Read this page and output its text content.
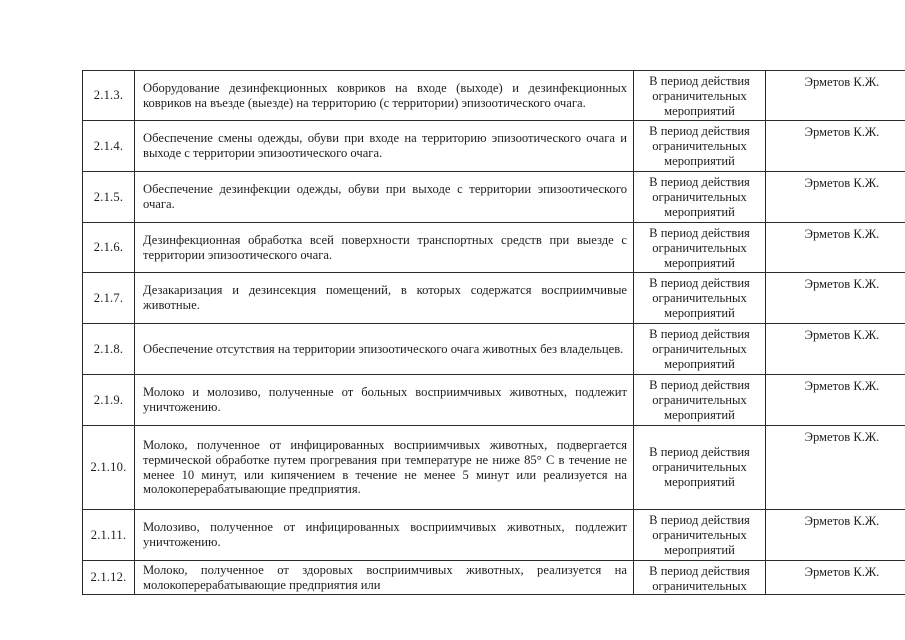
2.1.3.	Оборудование дезинфекционных ковриков на входе (выходе) и дезинфекционных ковриков на въезде (выезде) на территорию (с территории) эпизоотического очага.	В период действия ограничительных мероприятий	Эрметов К.Ж.
2.1.4.	Обеспечение смены одежды, обуви при входе на территорию эпизоотического очага и выходе с территории эпизоотического очага.	В период действия ограничительных мероприятий	Эрметов К.Ж.
2.1.5.	Обеспечение дезинфекции одежды, обуви при выходе с территории эпизоотического очага.	В период действия ограничительных мероприятий	Эрметов К.Ж.
2.1.6.	Дезинфекционная обработка всей поверхности транспортных средств при выезде с территории эпизоотического очага.	В период действия ограничительных мероприятий	Эрметов К.Ж.
2.1.7.	Дезакаризация и дезинсекция помещений, в которых содержатся восприимчивые животные.	В период действия ограничительных мероприятий	Эрметов К.Ж.
2.1.8.	Обеспечение отсутствия на территории эпизоотического очага животных без владельцев.	В период действия ограничительных мероприятий	Эрметов К.Ж.
2.1.9.	Молоко и молозиво, полученные от больных восприимчивых животных, подлежит уничтожению.	В период действия ограничительных мероприятий	Эрметов К.Ж.
2.1.10.	Молоко, полученное от инфицированных восприимчивых животных, подвергается термической обработке путем прогревания при температуре не ниже 85° С в течение не менее 10 минут, или кипячением в течение не менее 5 минут или реализуется на молокоперерабатывающие предприятия.	В период действия ограничительных мероприятий	Эрметов К.Ж.
2.1.11.	Молозиво, полученное от инфицированных восприимчивых животных, подлежит уничтожению.	В период действия ограничительных мероприятий	Эрметов К.Ж.
2.1.12.	Молоко, полученное от здоровых восприимчивых животных, реализуется на молокоперерабатывающие предприятия или	В период действия ограничительных	Эрметов К.Ж.
